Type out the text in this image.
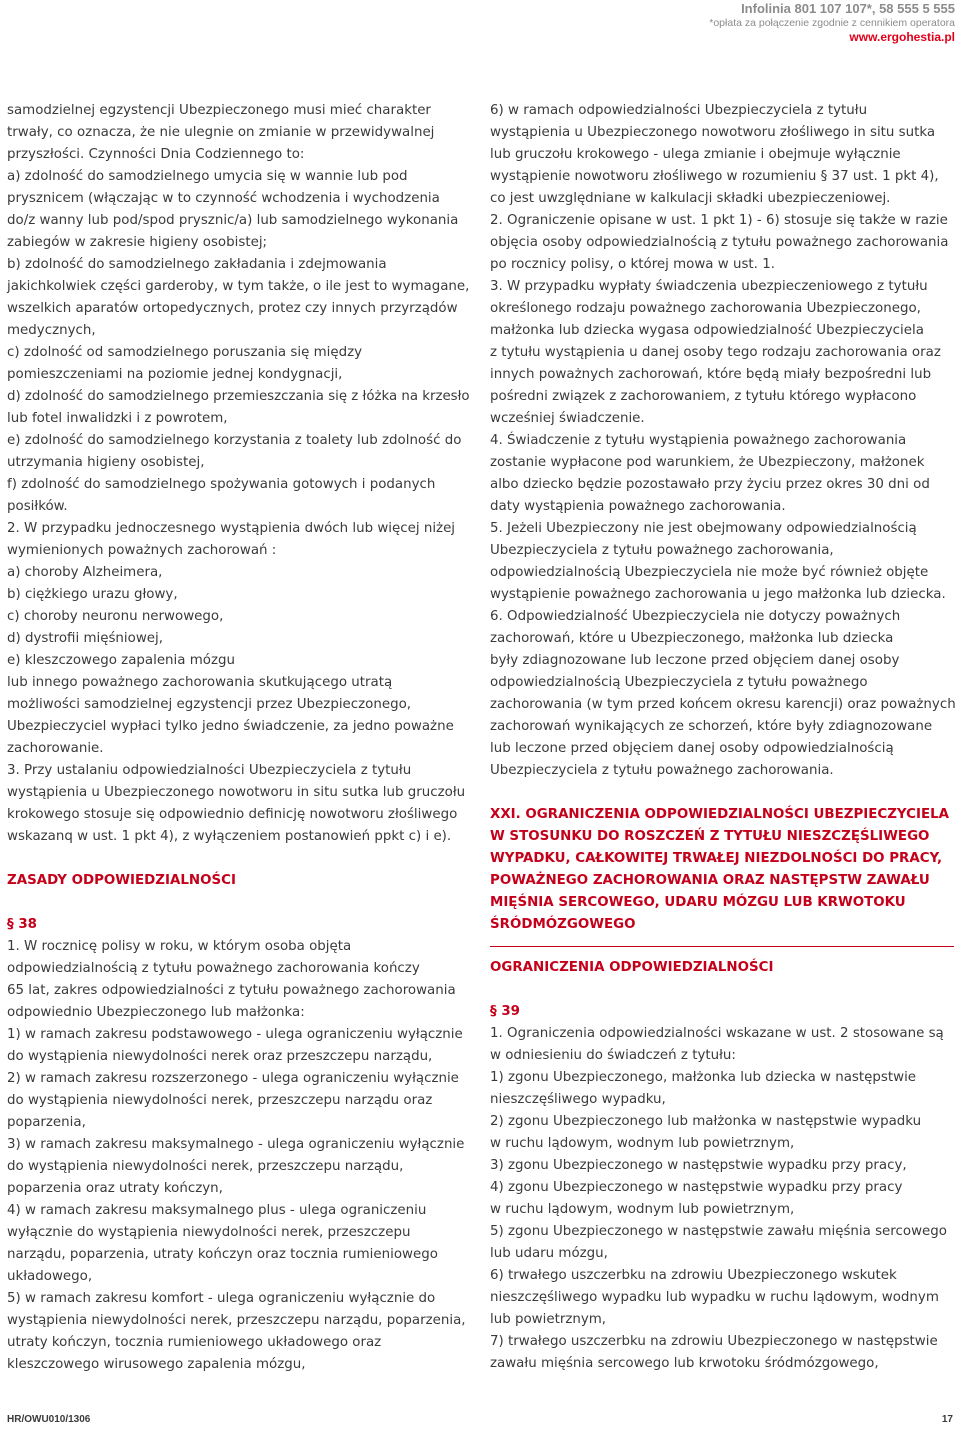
Infolinia 801 107 107*, 58 555 5 555
*opłata za połączenie zgodnie z cennikiem operatora
www.ergohestia.pl
samodzielnej egzystencji Ubezpieczonego musi mieć charakter
trwały, co oznacza, że nie ulegnie on zmianie w przewidywalnej
przyszłości. Czynności Dnia Codziennego to:
a) zdolność do samodzielnego umycia się w wannie lub pod
prysznicem (włączając w to czynność wchodzenia i wychodzenia
do/z wanny lub pod/spod prysznic/a) lub samodzielnego wykonania
zabiegów w zakresie higieny osobistej;
b) zdolność do samodzielnego zakładania i zdejmowania
jakichkolwiek części garderoby, w tym także, o ile jest to wymagane,
wszelkich aparatów ortopedycznych, protez czy innych przyrządów
medycznych,
c) zdolność od samodzielnego poruszania się między
pomieszczeniami na poziomie jednej kondygnacji,
d) zdolność do samodzielnego przemieszczania się z łóżka na krzesło
lub fotel inwalidzki i z powrotem,
e) zdolność do samodzielnego korzystania z toalety lub zdolność do
utrzymania higieny osobistej,
f) zdolność do samodzielnego spożywania gotowych i podanych
posiłków.
2. W przypadku jednoczesnego wystąpienia dwóch lub więcej niżej
wymienionych poważnych zachorowań :
a) choroby Alzheimera,
b) ciężkiego urazu głowy,
c) choroby neuronu nerwowego,
d) dystrofii mięśniowej,
e) kleszczowego zapalenia mózgu
lub innego poważnego zachorowania skutkującego utratą
możliwości samodzielnej egzystencji przez Ubezpieczonego,
Ubezpieczyciel wypłaci tylko jedno świadczenie, za jedno poważne
zachorowanie.
3. Przy ustalaniu odpowiedzialności Ubezpieczyciela z tytułu
wystąpienia u Ubezpieczonego nowotworu in situ sutka lub gruczołu
krokowego stosuje się odpowiednio definicję nowotworu złośliwego
wskazanq w ust. 1 pkt 4), z wyłączeniem postanowień ppkt c) i e).
ZASADY ODPOWIEDZIALNOŚCI
§ 38
1. W rocznicę polisy w roku, w którym osoba objęta
odpowiedzialnością z tytułu poważnego zachorowania kończy
65 lat, zakres odpowiedzialności z tytułu poważnego zachorowania
odpowiednio Ubezpieczonego lub małżonka:
1) w ramach zakresu podstawowego - ulega ograniczeniu wyłącznie
do wystąpienia niewydolności nerek oraz przeszczepu narządu,
2) w ramach zakresu rozszerzonego - ulega ograniczeniu wyłącznie
do wystąpienia niewydolności nerek, przeszczepu narządu oraz
poparzenia,
3) w ramach zakresu maksymalnego - ulega ograniczeniu wyłącznie
do wystąpienia niewydolności nerek, przeszczepu narządu,
poparzenia oraz utraty kończyn,
4) w ramach zakresu maksymalnego plus - ulega ograniczeniu
wyłącznie do wystąpienia niewydolności nerek, przeszczepu
narządu, poparzenia, utraty kończyn oraz tocznia rumieniowego
układowego,
5) w ramach zakresu komfort - ulega ograniczeniu wyłącznie do
wystąpienia niewydolności nerek, przeszczepu narządu, poparzenia,
utraty kończyn, tocznia rumieniowego układowego oraz
kleszczowego wirusowego zapalenia mózgu,
6) w ramach odpowiedzialności Ubezpieczyciela z tytułu
wystąpienia u Ubezpieczonego nowotworu złośliwego in situ sutka
lub gruczołu krokowego - ulega zmianie i obejmuje wyłącznie
wystąpienie nowotworu złośliwego w rozumieniu § 37 ust. 1 pkt 4),
co jest uwzględniane w kalkulacji składki ubezpieczeniowej.
2. Ograniczenie opisane w ust. 1 pkt 1) - 6) stosuje się także w razie
objęcia osoby odpowiedzialnością z tytułu poważnego zachorowania
po rocznicy polisy, o której mowa w ust. 1.
3. W przypadku wypłaty świadczenia ubezpieczeniowego z tytułu
określonego rodzaju poważnego zachorowania Ubezpieczonego,
małżonka lub dziecka wygasa odpowiedzialność Ubezpieczyciela
z tytułu wystąpienia u danej osoby tego rodzaju zachorowania oraz
innych poważnych zachorowań, które będą miały bezpośredni lub
pośredni związek z zachorowaniem, z tytułu którego wypłacono
wcześniej świadczenie.
4. Świadczenie z tytułu wystąpienia poważnego zachorowania
zostanie wypłacone pod warunkiem, że Ubezpieczony, małżonek
albo dziecko będzie pozostawało przy życiu przez okres 30 dni od
daty wystąpienia poważnego zachorowania.
5. Jeżeli Ubezpieczony nie jest obejmowany odpowiedzialnością
Ubezpieczyciela z tytułu poważnego zachorowania,
odpowiedzialnością Ubezpieczyciela nie może być również objęte
wystąpienie poważnego zachorowania u jego małżonka lub dziecka.
6. Odpowiedzialność Ubezpieczyciela nie dotyczy poważnych
zachorowań, które u Ubezpieczonego, małżonka lub dziecka
były zdiagnozowane lub leczone przed objęciem danej osoby
odpowiedzialnością Ubezpieczyciela z tytułu poważnego
zachorowania (w tym przed końcem okresu karencji) oraz poważnych
zachorowań wynikających ze schorzeń, które były zdiagnozowane
lub leczone przed objęciem danej osoby odpowiedzialnością
Ubezpieczyciela z tytułu poważnego zachorowania.
XXI. OGRANICZENIA ODPOWIEDZIALNOŚCI UBEZPIECZYCIELA
W STOSUNKU DO ROSZCZEŃ Z TYTUŁU NIESZCZĘŚLIWEGO
WYPADKU, CAŁKOWITEJ TRWAŁEJ NIEZDOLNOŚCI DO PRACY,
POWAŻNEGO ZACHOROWANIA ORAZ NASTĘPSTW ZAWAŁU
MIĘŚNIA SERCOWEGO, UDARU MÓZGU LUB KRWOTOKU
ŚRÓDMÓZGOWEGO
OGRANICZENIA ODPOWIEDZIALNOŚCI
§ 39
1. Ograniczenia odpowiedzialności wskazane w ust. 2 stosowane są
w odniesieniu do świadczeń z tytułu:
1) zgonu Ubezpieczonego, małżonka lub dziecka w następstwie
nieszczęśliwego wypadku,
2) zgonu Ubezpieczonego lub małżonka w następstwie wypadku
w ruchu lądowym, wodnym lub powietrznym,
3) zgonu Ubezpieczonego w następstwie wypadku przy pracy,
4) zgonu Ubezpieczonego w następstwie wypadku przy pracy
w ruchu lądowym, wodnym lub powietrznym,
5) zgonu Ubezpieczonego w następstwie zawału mięśnia sercowego
lub udaru mózgu,
6) trwałego uszczerbku na zdrowiu Ubezpieczonego wskutek
nieszczęśliwego wypadku lub wypadku w ruchu lądowym, wodnym
lub powietrznym,
7) trwałego uszczerbku na zdrowiu Ubezpieczonego w następstwie
zawału mięśnia sercowego lub krwotoku śródmózgowego,
HR/OWU010/1306	17
